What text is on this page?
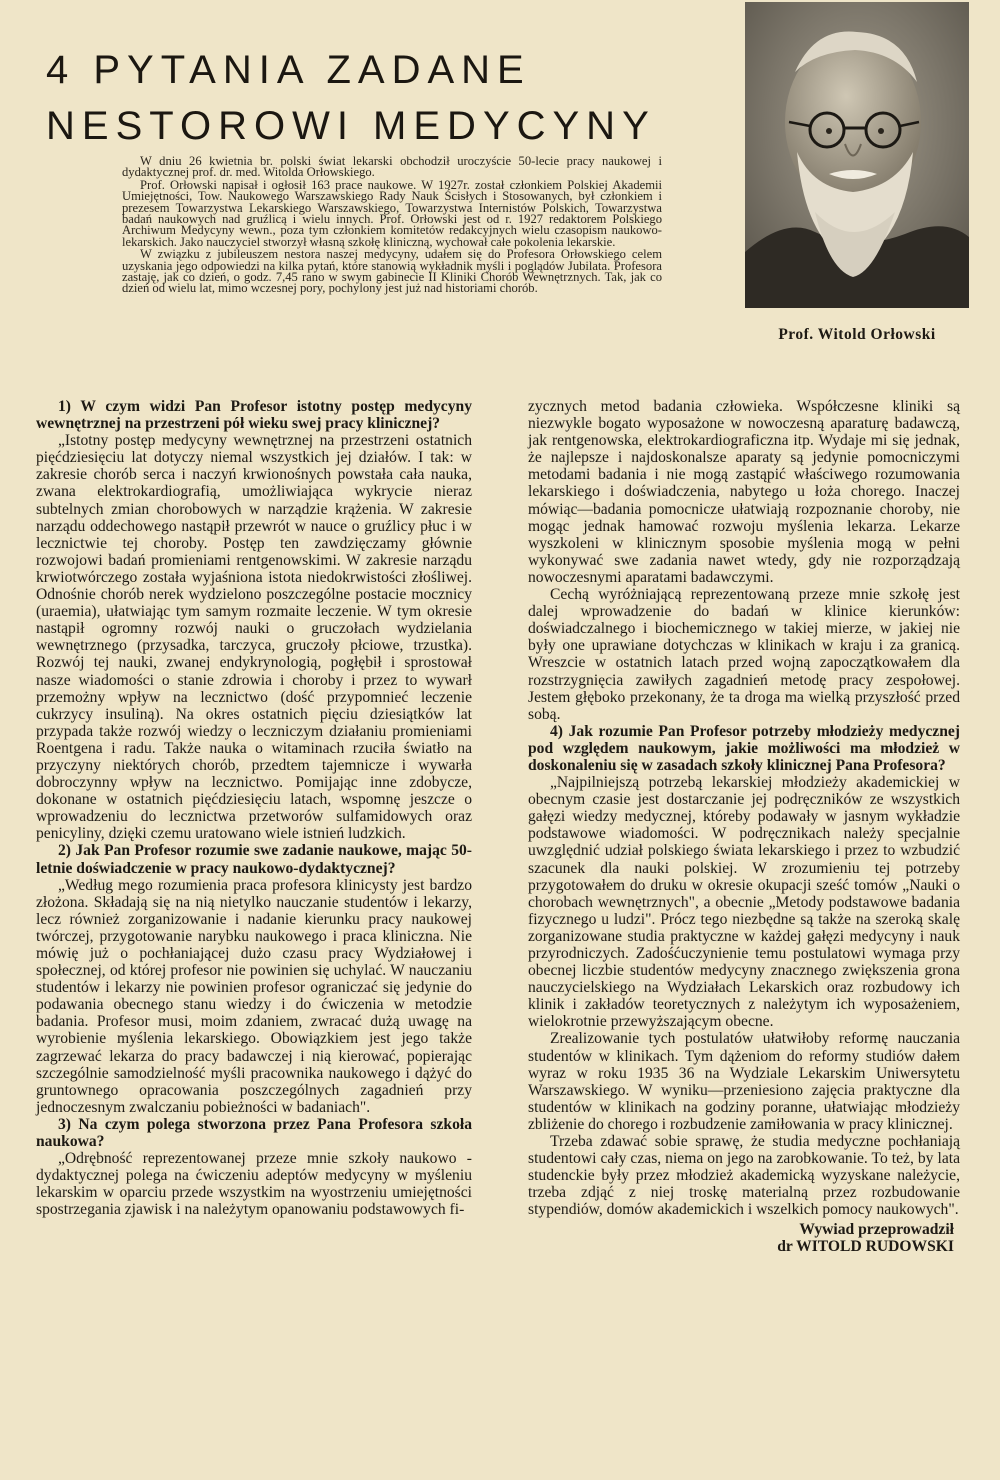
4 PYTANIA ZADANE
NESTOROWI MEDYCYNY
Prof. Witold Orłowski

W dniu 26 kwietnia br. polski świat lekarski obchodził uroczyście 50-lecie pracy naukowej i dydaktycznej prof. dr. med. Witolda Orłowskiego.

Prof. Orłowski napisał i ogłosił 163 prace naukowe. W 1927r. został członkiem Polskiej Akademii Umiejętności, Tow. Naukowego Warszawskiego Rady Nauk Ścisłych i Stosowanych, był członkiem i prezesem Towarzystwa Lekarskiego Warszawskiego, Towarzystwa Internistów Polskich, Towarzystwa badań naukowych nad gruźlicą i wielu innych. Prof. Orłowski jest od r. 1927 redaktorem Polskiego Archiwum Medycyny wewn., poza tym członkiem komitetów redakcyjnych wielu czasopism naukowo-lekarskich. Jako nauczyciel stworzył własną szkołę kliniczną, wychował całe pokolenia lekarskie.

W związku z jubileuszem nestora naszej medycyny, udałem się do Profesora Orłowskiego celem uzyskania jego odpowiedzi na kilka pytań, które stanowią wykładnik myśli i poglądów Jubilata. Profesora zastaję, jak co dzień, o godz. 7,45 rano w swym gabinecie II Kliniki Chorób Wewnętrznych. Tak, jak co dzień od wielu lat, mimo wczesnej pory, pochylony jest już nad historiami chorób.

1) W czym widzi Pan Profesor istotny postęp medycyny wewnętrznej na przestrzeni pół wieku swej pracy klinicznej?

„Istotny postęp medycyny wewnętrznej na przestrzeni ostatnich pięćdziesięciu lat dotyczy niemal wszystkich jej działów. I tak: w zakresie chorób serca i naczyń krwionośnych powstała cała nauka, zwana elektrokardiografią, umożliwiająca wykrycie nieraz subtelnych zmian chorobowych w narządzie krążenia. W zakresie narządu oddechowego nastąpił przewrót w nauce o gruźlicy płuc i w lecznictwie tej choroby. Postęp ten zawdzięczamy głównie rozwojowi badań promieniami rentgenowskimi. W zakresie narządu krwiotwórczego została wyjaśniona istota niedokrwistości złośliwej. Odnośnie chorób nerek wydzielono poszczególne postacie mocznicy (uraemia), ułatwiając tym samym rozmaite leczenie. W tym okresie nastąpił ogromny rozwój nauki o gruczołach wydzielania wewnętrznego (przysadka, tarczyca, gruczoły płciowe, trzustka). Rozwój tej nauki, zwanej endykrynologią, pogłębił i sprostował nasze wiadomości o stanie zdrowia i choroby i przez to wywarł przemożny wpływ na lecznictwo (dość przypomnieć leczenie cukrzycy insuliną). Na okres ostatnich pięciu dziesiątków lat przypada także rozwój wiedzy o leczniczym działaniu promieniami Roentgena i radu. Także nauka o witaminach rzuciła światło na przyczyny niektórych chorób, przedtem tajemnicze i wywarła dobroczynny wpływ na lecznictwo. Pomijając inne zdobycze, dokonane w ostatnich pięćdziesięciu latach, wspomnę jeszcze o wprowadzeniu do lecznictwa przetworów sulfamidowych oraz penicyliny, dzięki czemu uratowano wiele istnień ludzkich.

2) Jak Pan Profesor rozumie swe zadanie naukowe, mając 50-letnie doświadczenie w pracy naukowo-dydaktycznej?

„Według mego rozumienia praca profesora klinicysty jest bardzo złożona. Składają się na nią nietylko nauczanie studentów i lekarzy, lecz również zorganizowanie i nadanie kierunku pracy naukowej twórczej, przygotowanie narybku naukowego i praca kliniczna. Nie mówię już o pochłaniającej dużo czasu pracy Wydziałowej i społecznej, od której profesor nie powinien się uchylać. W nauczaniu studentów i lekarzy nie powinien profesor ograniczać się jedynie do podawania obecnego stanu wiedzy i do ćwiczenia w metodzie badania. Profesor musi, moim zdaniem, zwracać dużą uwagę na wyrobienie myślenia lekarskiego. Obowiązkiem jest jego także zagrzewać lekarza do pracy badawczej i nią kierować, popierając szczególnie samodzielność myśli pracownika naukowego i dążyć do gruntownego opracowania poszczególnych zagadnień przy jednoczesnym zwalczaniu pobieżności w badaniach".

3) Na czym polega stworzona przez Pana Profesora szkoła naukowa?

„Odrębność reprezentowanej przeze mnie szkoły naukowo - dydaktycznej polega na ćwiczeniu adeptów medycyny w myśleniu lekarskim w oparciu przede wszystkim na wyostrzeniu umiejętności spostrzegania zjawisk i na należytym opanowaniu podstawowych fi-

zycznych metod badania człowieka. Współczesne kliniki są niezwykle bogato wyposażone w nowoczesną aparaturę badawczą, jak rentgenowska, elektrokardiograficzna itp. Wydaje mi się jednak, że najlepsze i najdoskonalsze aparaty są jedynie pomocniczymi metodami badania i nie mogą zastąpić właściwego rozumowania lekarskiego i doświadczenia, nabytego u łoża chorego. Inaczej mówiąc—badania pomocnicze ułatwiają rozpoznanie choroby, nie mogąc jednak hamować rozwoju myślenia lekarza. Lekarze wyszkoleni w klinicznym sposobie myślenia mogą w pełni wykonywać swe zadania nawet wtedy, gdy nie rozporządzają nowoczesnymi aparatami badawczymi.

Cechą wyróżniającą reprezentowaną przeze mnie szkołę jest dalej wprowadzenie do badań w klinice kierunków: doświadczalnego i biochemicznego w takiej mierze, w jakiej nie były one uprawiane dotychczas w klinikach w kraju i za granicą. Wreszcie w ostatnich latach przed wojną zapoczątkowałem dla rozstrzygnięcia zawiłych zagadnień metodę pracy zespołowej. Jestem głęboko przekonany, że ta droga ma wielką przyszłość przed sobą.

4) Jak rozumie Pan Profesor potrzeby młodzieży medycznej pod względem naukowym, jakie możliwości ma młodzież w doskonaleniu się w zasadach szkoły klinicznej Pana Profesora?

„Najpilniejszą potrzebą lekarskiej młodzieży akademickiej w obecnym czasie jest dostarczanie jej podręczników ze wszystkich gałęzi wiedzy medycznej, któreby podawały w jasnym wykładzie podstawowe wiadomości. W podręcznikach należy specjalnie uwzględnić udział polskiego świata lekarskiego i przez to wzbudzić szacunek dla nauki polskiej. W zrozumieniu tej potrzeby przygotowałem do druku w okresie okupacji sześć tomów „Nauki o chorobach wewnętrznych", a obecnie „Metody podstawowe badania fizycznego u ludzi". Prócz tego niezbędne są także na szeroką skalę zorganizowane studia praktyczne w każdej gałęzi medycyny i nauk przyrodniczych. Zadośćuczynienie temu postulatowi wymaga przy obecnej liczbie studentów medycyny znacznego zwiększenia grona nauczycielskiego na Wydziałach Lekarskich oraz rozbudowy ich klinik i zakładów teoretycznych z należytym ich wyposażeniem, wielokrotnie przewyższającym obecne.

Zrealizowanie tych postulatów ułatwiłoby reformę nauczania studentów w klinikach. Tym dążeniom do reformy studiów dałem wyraz w roku 1935 36 na Wydziale Lekarskim Uniwersytetu Warszawskiego. W wyniku—przeniesiono zajęcia praktyczne dla studentów w klinikach na godziny poranne, ułatwiając młodzieży zbliżenie do chorego i rozbudzenie zamiłowania w pracy klinicznej.

Trzeba zdawać sobie sprawę, że studia medyczne pochłaniają studentowi cały czas, niema on jego na zarobkowanie. To też, by lata studenckie były przez młodzież akademicką wyzyskane należycie, trzeba zdjąć z niej troskę materialną przez rozbudowanie stypendiów, domów akademickich i wszelkich pomocy naukowych".

Wywiad przeprowadził
dr WITOLD RUDOWSKI
